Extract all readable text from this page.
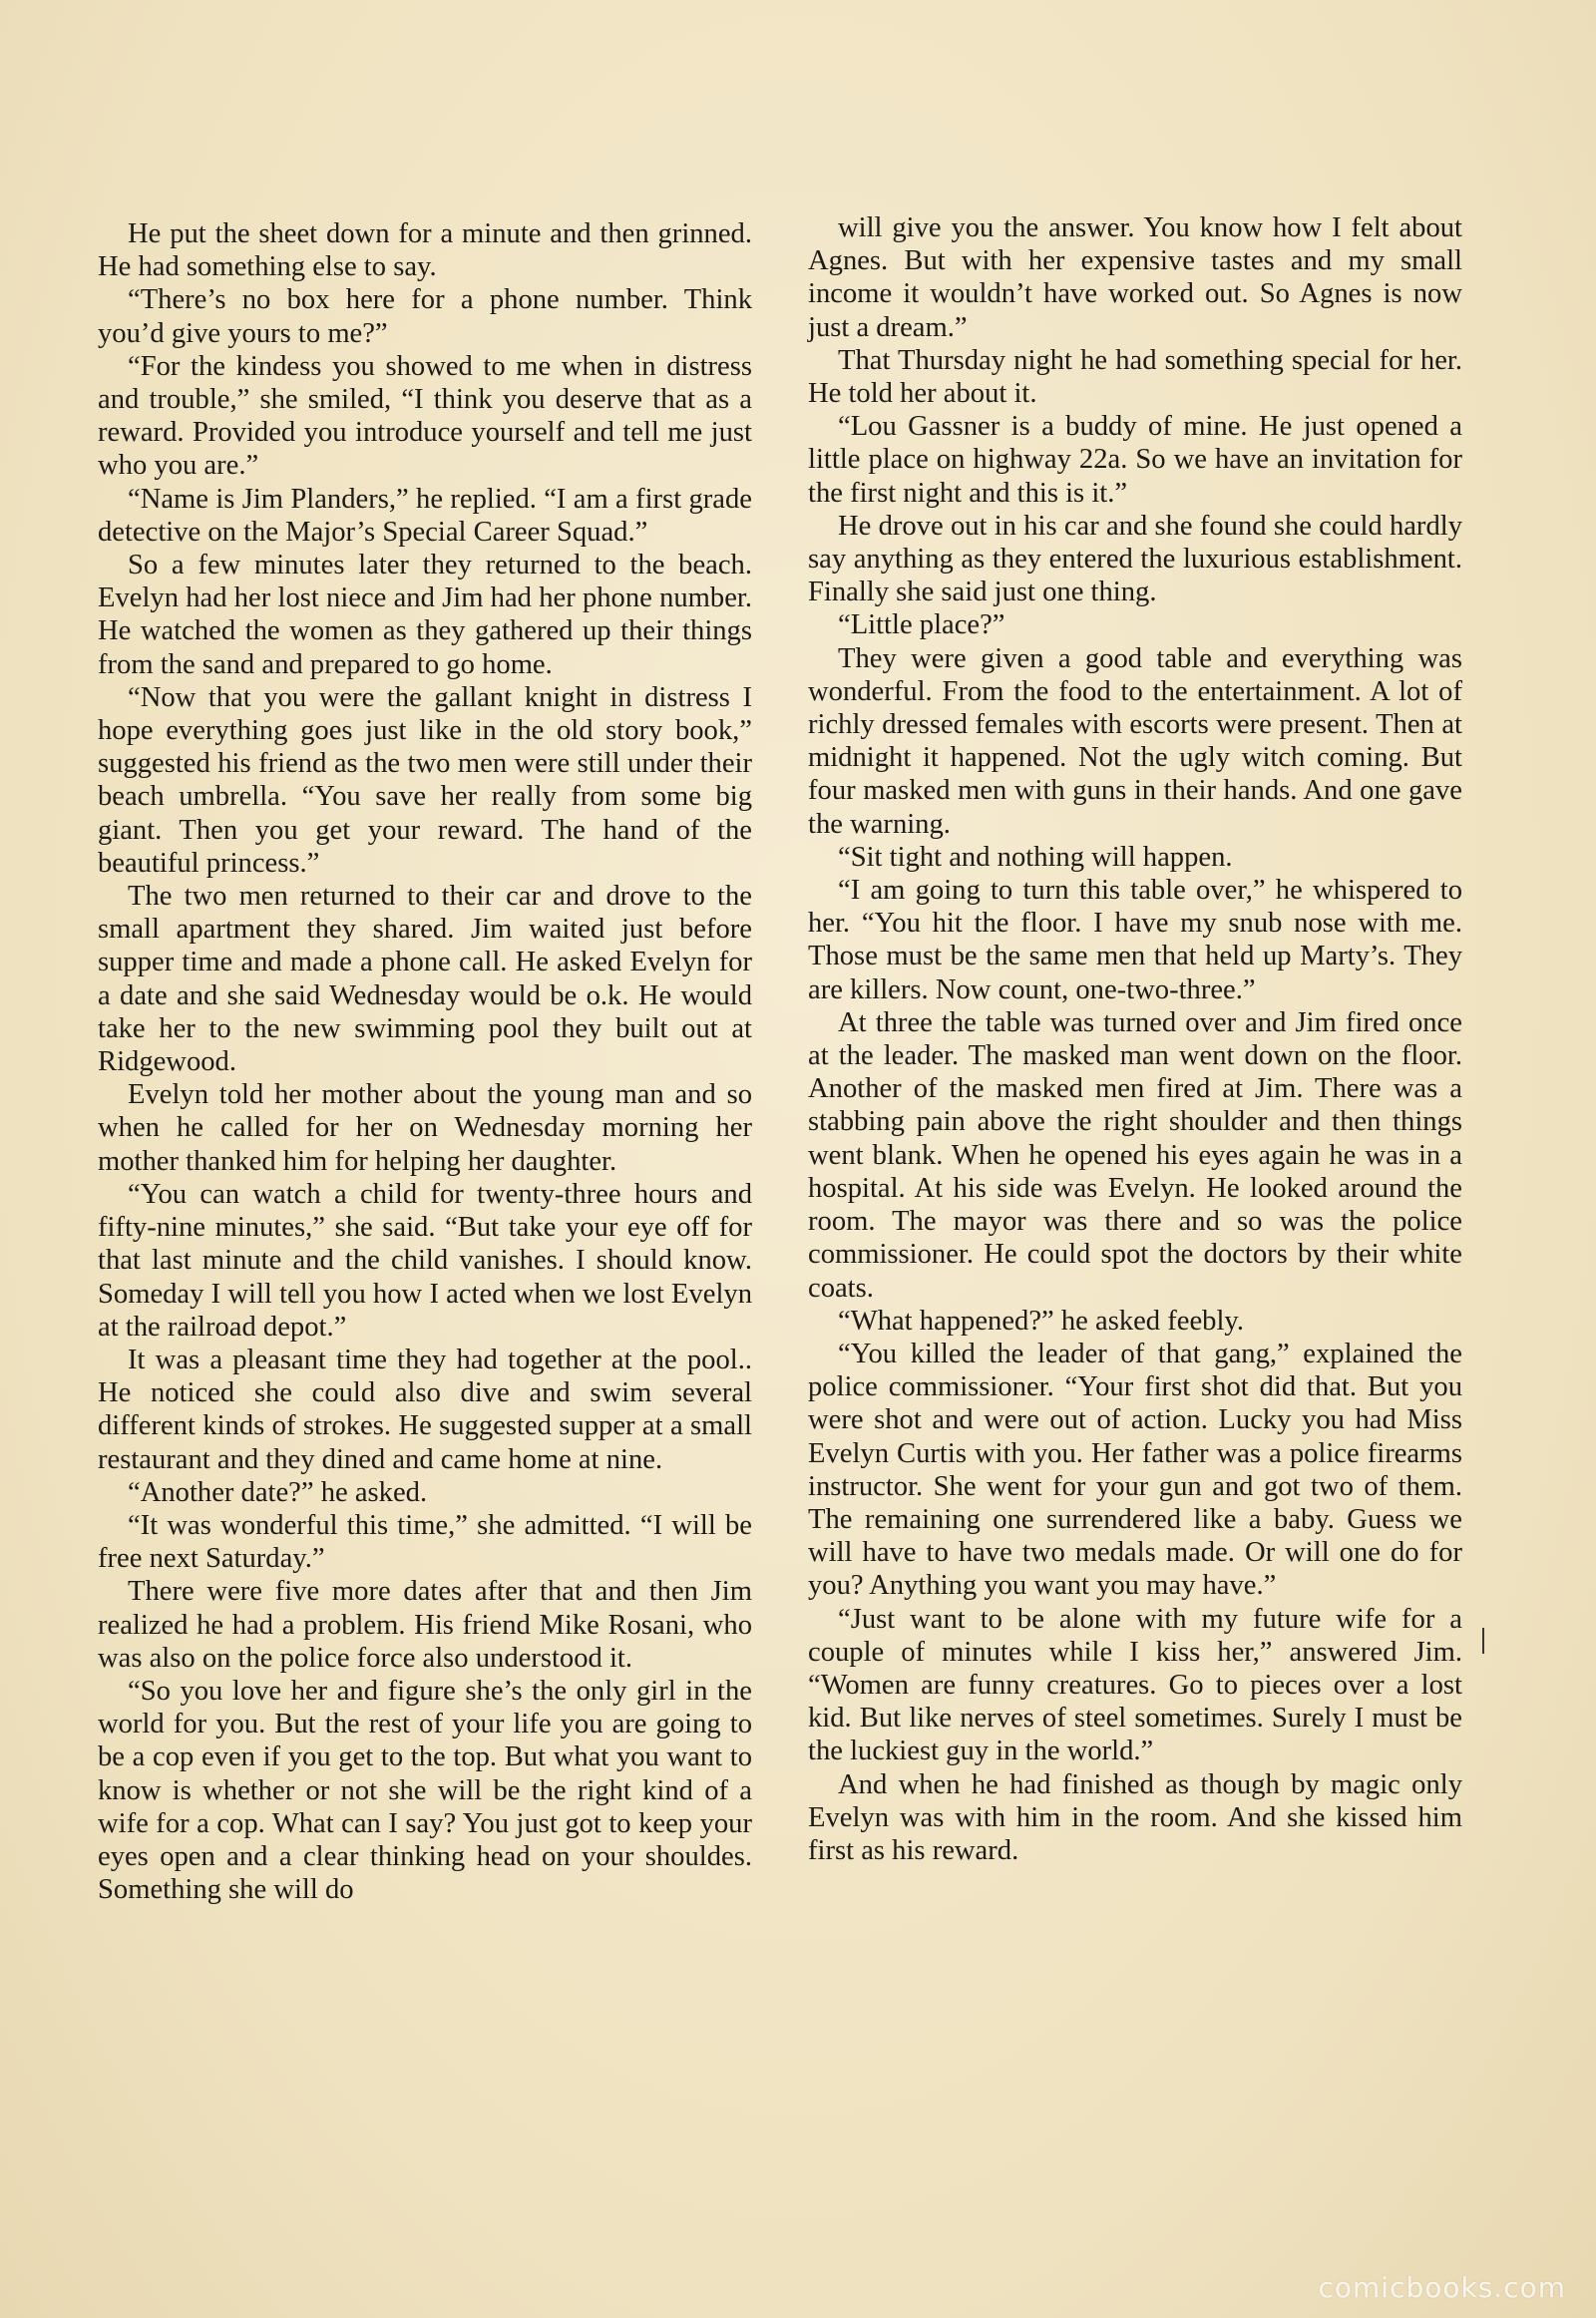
He put the sheet down for a minute and then grinned. He had something else to say.

“There’s no box here for a phone number. Think you’d give yours to me?”

“For the kindess you showed to me when in distress and trouble,” she smiled, “I think you deserve that as a reward. Provided you introduce yourself and tell me just who you are.”

“Name is Jim Planders,” he replied. “I am a first grade detective on the Major’s Special Career Squad.”

So a few minutes later they returned to the beach. Evelyn had her lost niece and Jim had her phone number. He watched the women as they gathered up their things from the sand and prepared to go home.

“Now that you were the gallant knight in distress I hope everything goes just like in the old story book,” suggested his friend as the two men were still under their beach umbrella. “You save her really from some big giant. Then you get your reward. The hand of the beautiful princess.”

The two men returned to their car and drove to the small apartment they shared. Jim waited just before supper time and made a phone call. He asked Evelyn for a date and she said Wednesday would be o.k. He would take her to the new swimming pool they built out at Ridgewood.

Evelyn told her mother about the young man and so when he called for her on Wednesday morning her mother thanked him for helping her daughter.

“You can watch a child for twenty-three hours and fifty-nine minutes,” she said. “But take your eye off for that last minute and the child vanishes. I should know. Someday I will tell you how I acted when we lost Evelyn at the railroad depot.”

It was a pleasant time they had together at the pool.. He noticed she could also dive and swim several different kinds of strokes. He suggested supper at a small restaurant and they dined and came home at nine.

“Another date?” he asked.

“It was wonderful this time,” she admitted. “I will be free next Saturday.”

There were five more dates after that and then Jim realized he had a problem. His friend Mike Rosani, who was also on the police force also understood it.

“So you love her and figure she’s the only girl in the world for you. But the rest of your life you are going to be a cop even if you get to the top. But what you want to know is whether or not she will be the right kind of a wife for a cop. What can I say? You just got to keep your eyes open and a clear thinking head on your shouldes. Something she will do

will give you the answer. You know how I felt about Agnes. But with her expensive tastes and my small income it wouldn’t have worked out. So Agnes is now just a dream.”

That Thursday night he had something special for her. He told her about it.

“Lou Gassner is a buddy of mine. He just opened a little place on highway 22a. So we have an invitation for the first night and this is it.”

He drove out in his car and she found she could hardly say anything as they entered the luxurious establishment. Finally she said just one thing.

“Little place?”

They were given a good table and everything was wonderful. From the food to the entertainment. A lot of richly dressed females with escorts were present. Then at midnight it happened. Not the ugly witch coming. But four masked men with guns in their hands. And one gave the warning.

“Sit tight and nothing will happen.

“I am going to turn this table over,” he whispered to her. “You hit the floor. I have my snub nose with me. Those must be the same men that held up Marty’s. They are killers. Now count, one-two-three.”

At three the table was turned over and Jim fired once at the leader. The masked man went down on the floor. Another of the masked men fired at Jim. There was a stabbing pain above the right shoulder and then things went blank. When he opened his eyes again he was in a hospital. At his side was Evelyn. He looked around the room. The mayor was there and so was the police commissioner. He could spot the doctors by their white coats.

“What happened?” he asked feebly.

“You killed the leader of that gang,” explained the police commissioner. “Your first shot did that. But you were shot and were out of action. Lucky you had Miss Evelyn Curtis with you. Her father was a police firearms instructor. She went for your gun and got two of them. The remaining one surrendered like a baby. Guess we will have to have two medals made. Or will one do for you? Anything you want you may have.”

“Just want to be alone with my future wife for a couple of minutes while I kiss her,” answered Jim. “Women are funny creatures. Go to pieces over a lost kid. But like nerves of steel sometimes. Surely I must be the luckiest guy in the world.”

And when he had finished as though by magic only Evelyn was with him in the room. And she kissed him first as his reward.

comicbooks.com
